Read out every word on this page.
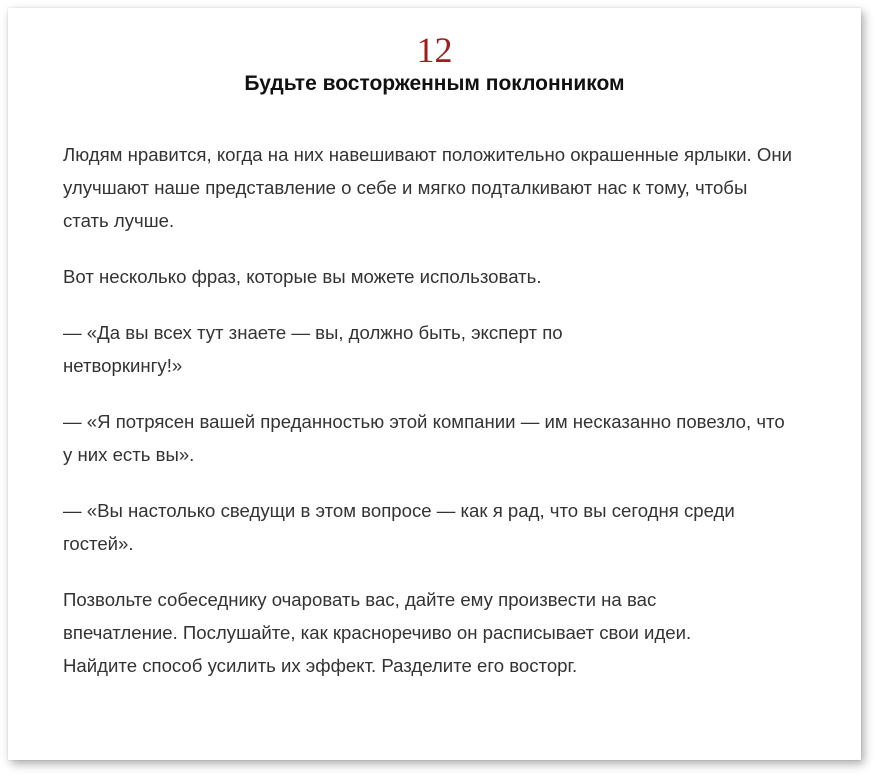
12
Будьте восторженным поклонником

Людям нравится, когда на них навешивают положительно окрашенные ярлыки. Они улучшают наше представление о себе и мягко подталкивают нас к тому, чтобы стать лучше.

Вот несколько фраз, которые вы можете использовать.

— «Да вы всех тут знаете — вы, должно быть, эксперт по нетворкингу!»

— «Я потрясен вашей преданностью этой компании — им несказанно повезло, что у них есть вы».

— «Вы настолько сведущи в этом вопросе — как я рад, что вы сегодня среди гостей».

Позвольте собеседнику очаровать вас, дайте ему произвести на вас впечатление. Послушайте, как красноречиво он расписывает свои идеи. Найдите способ усилить их эффект. Разделите его восторг.
